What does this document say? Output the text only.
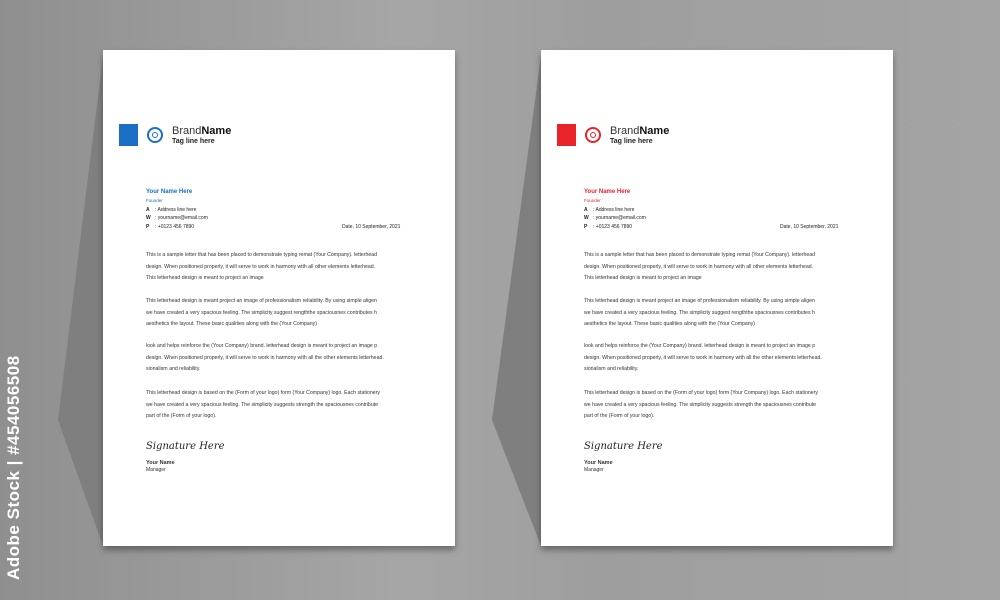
Adobe Stock | #454056508
BrandName
Tag line here
Your Name Here
Founder
A : Address line here
W : yourname@email.com
P : +0123 456 7890	Date, 10 September, 2021
This is a sample letter that has been placed to demonstrate typing remat (Your Company). letterhead
design. When positioned properly, it will serve to work in harmony with all other elements letterhead.
This letterhead design is meant to project an image
This letterhead design is meant project an image of professionalism reliability. By using simple aligen
we have created a very spacious feeling. The simplicity suggest rengththe spaciousnes contributes h
aesthetics the layout. These basic qualities along with the (Your Company)
look and helps reinforce the (Your Company) brand. letterhead design is meant to project an image p
design. When positioned properly, it will serve to work in harmony with all the other elements letterhead.
sionalism and reliability.
This letterhead design is based on the (Form of your logo) form (Your Company) logo. Each stationery
we have created a very spacious feeling. The simplicity suggests strength the spaciousnes contribute
part of the (Form of your logo).
Signature Here
Your Name
Manager
BrandName
Tag line here
Your Name Here
Founder
A : Address line here
W : yourname@email.com
P : +0123 456 7890	Date, 10 September, 2021
This is a sample letter that has been placed to demonstrate typing remat (Your Company). letterhead
design. When positioned properly, it will serve to work in harmony with all other elements letterhead.
This letterhead design is meant to project an image
This letterhead design is meant project an image of professionalism reliability. By using simple aligen
we have created a very spacious feeling. The simplicity suggest rengththe spaciousnes contributes h
aesthetics the layout. These basic qualities along with the (Your Company)
look and helps reinforce the (Your Company) brand. letterhead design is meant to project an image p
design. When positioned properly, it will serve to work in harmony with all the other elements letterhead.
sionalism and reliability.
This letterhead design is based on the (Form of your logo) form (Your Company) logo. Each stationery
we have created a very spacious feeling. The simplicity suggests strength the spaciousnes contribute
part of the (Form of your logo).
Signature Here
Your Name
Manager
